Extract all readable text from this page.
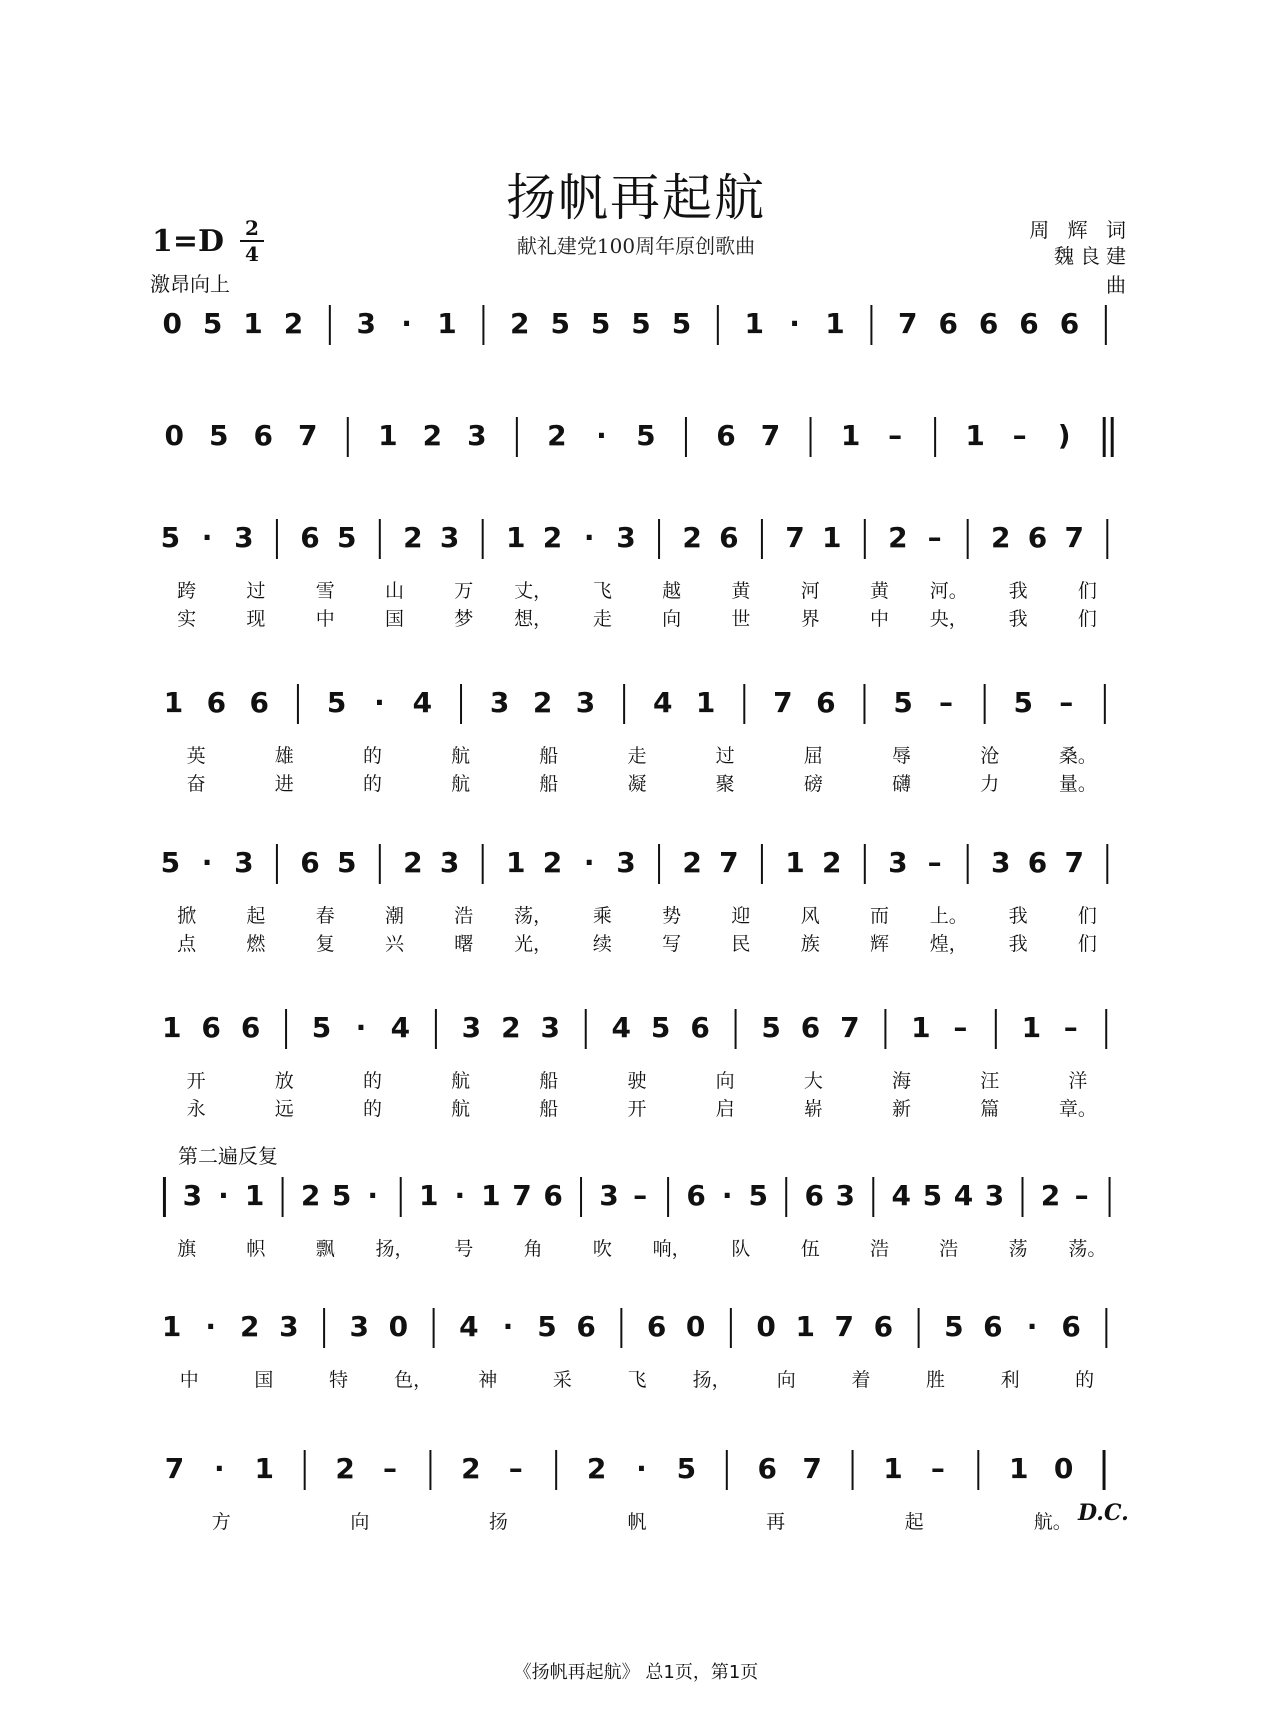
扬帆再起航
献礼建党100周年原创歌曲
1=D 2
4
激昂向上
周 辉 词
魏良建 曲
第二遍反复
D.C.
《扬帆再起航》 总1页，第1页
0 5 1 2 3 · 1 2 5 5 5 5 1 · 1 7 6 6 6 6
0 5 6 7 1 2 3 2 · 5 6 7 1 – 1 – )
5 · 3 6 5 2 3 1 2 · 3 2 6 7 1 2 – 2 6 7
跨	过	雪	山	万 丈， 飞	越	黄	河	黄 河。 我	们
实	现	中	国	梦 想， 走	向	世	界	中 央， 我	们
1 6 6 5 · 4 3 2 3 4 1 7 6 5 – 5 –
英	雄	的	航	船	走	过	屈	辱	沧	桑。
奋	进	的	航	船	凝	聚	磅	礴	力	量。
5 · 3 6 5 2 3 1 2 · 3 2 7 1 2 3 – 3 6 7
掀	起	春	潮	浩 荡， 乘	势	迎	风	而 上。 我	们
点	燃	复	兴	曙 光， 续	写	民	族	辉 煌， 我	们
1 6 6 5 · 4 3 2 3 4 5 6 5 6 7 1 – 1 –
开	放	的	航	船	驶	向	大	海	汪	洋
永	远	的	航	船	开	启	崭	新	篇	章。
3 · 1 2 5 · 1 · 1 7 6 3 – 6 · 5 6 3 4 5 4 3 2 –
旗	帜	飘 扬， 号	角	吹 响， 队	伍	浩	浩	荡 荡。
1 · 2 3 3 0 4 · 5 6 6 0 0 1 7 6 5 6 · 6
中	国	特 色， 神	采	飞 扬， 向	着	胜	利	的
7 · 1 2 – 2 – 2 · 5 6 7 1 – 1 0
方	向	扬	帆	再	起	航。
